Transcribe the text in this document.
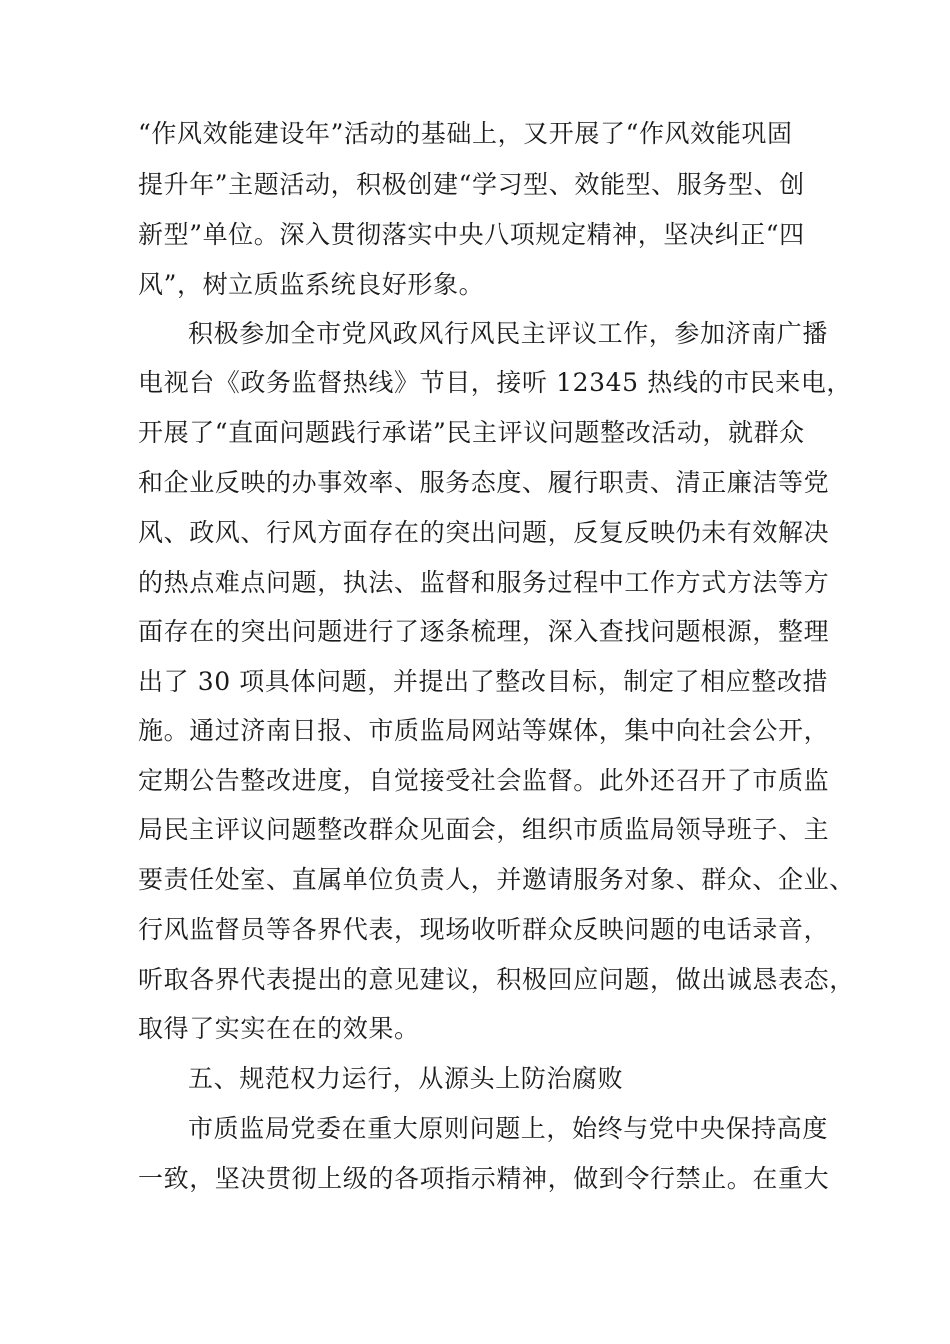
“作风效能建设年”活动的基础上，又开展了“作风效能巩固
提升年”主题活动，积极创建“学习型、效能型、服务型、创
新型”单位。深入贯彻落实中央八项规定精神，坚决纠正“四
风”，树立质监系统良好形象。
积极参加全市党风政风行风民主评议工作，参加济南广播
电视台《政务监督热线》节目，接听 12345 热线的市民来电，
开展了“直面问题践行承诺”民主评议问题整改活动，就群众
和企业反映的办事效率、服务态度、履行职责、清正廉洁等党
风、政风、行风方面存在的突出问题，反复反映仍未有效解决
的热点难点问题，执法、监督和服务过程中工作方式方法等方
面存在的突出问题进行了逐条梳理，深入查找问题根源，整理
出了 30 项具体问题，并提出了整改目标，制定了相应整改措
施。通过济南日报、市质监局网站等媒体，集中向社会公开，
定期公告整改进度，自觉接受社会监督。此外还召开了市质监
局民主评议问题整改群众见面会，组织市质监局领导班子、主
要责任处室、直属单位负责人，并邀请服务对象、群众、企业、
行风监督员等各界代表，现场收听群众反映问题的电话录音，
听取各界代表提出的意见建议，积极回应问题，做出诚恳表态，
取得了实实在在的效果。
五、规范权力运行，从源头上防治腐败
市质监局党委在重大原则问题上，始终与党中央保持高度
一致，坚决贯彻上级的各项指示精神，做到令行禁止。在重大
